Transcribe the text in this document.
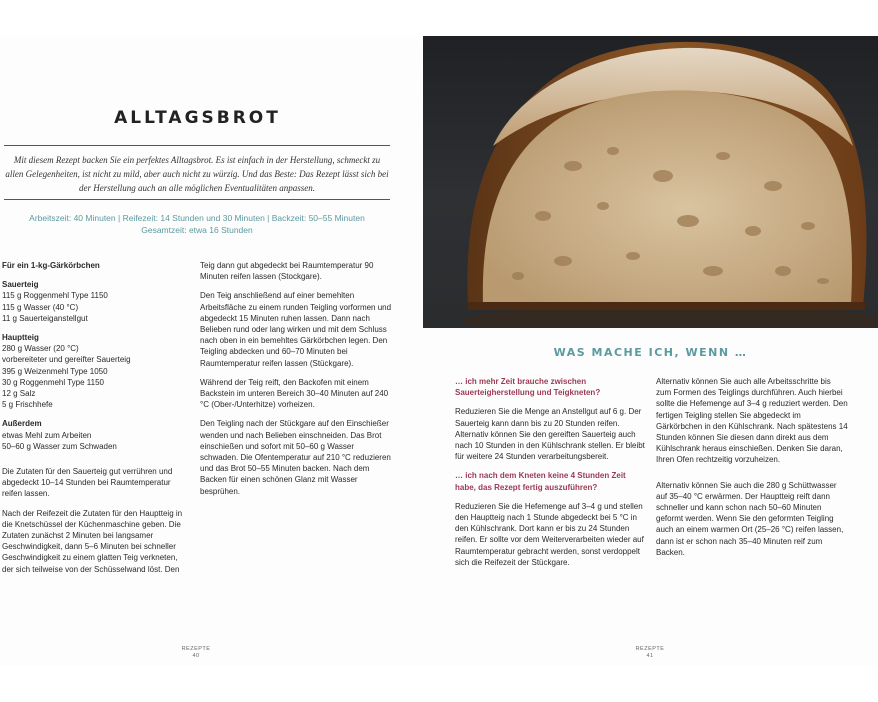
ALLTAGSBROT
Mit diesem Rezept backen Sie ein perfektes Alltagsbrot. Es ist einfach in der Herstellung, schmeckt zu allen Gelegenheiten, ist nicht zu mild, aber auch nicht zu würzig. Und das Beste: Das Rezept lässt sich bei der Herstellung auch an alle möglichen Eventualitäten anpassen.
Arbeitszeit: 40 Minuten | Reifezeit: 14 Stunden und 30 Minuten | Backzeit: 50–55 Minuten
Gesamtzeit: etwa 16 Stunden

Für ein 1-kg-Gärkörbchen

Sauerteig

115 g Roggenmehl Type 1150

115 g Wasser (40 °C)

11 g Sauerteiganstellgut

Hauptteig

280 g Wasser (20 °C)

vorbereiteter und gereifter Sauerteig

395 g Weizenmehl Type 1050

30 g Roggenmehl Type 1150

12 g Salz

5 g Frischhefe

Außerdem

etwas Mehl zum Arbeiten

50–60 g Wasser zum Schwaden

Die Zutaten für den Sauerteig gut verrühren und abgedeckt 10–14 Stunden bei Raumtemperatur reifen lassen.

Nach der Reifezeit die Zutaten für den Hauptteig in die Knetschüssel der Küchenmaschine geben. Die Zutaten zunächst 2 Minuten bei langsamer Geschwindigkeit, dann 5–6 Minuten bei schneller Geschwindigkeit zu einem glatten Teig verkneten, der sich teilweise von der Schüsselwand löst. Den

Teig dann gut abgedeckt bei Raumtemperatur 90 Minuten reifen lassen (Stockgare).

Den Teig anschließend auf einer bemehlten Arbeitsfläche zu einem runden Teigling vorformen und abgedeckt 15 Minuten ruhen lassen. Dann nach Belieben rund oder lang wirken und mit dem Schluss nach oben in ein bemehltes Gärkörbchen legen. Den Teigling abdecken und 60–70 Minuten bei Raumtemperatur reifen lassen (Stückgare).

Während der Teig reift, den Backofen mit einem Backstein im unteren Bereich 30–40 Minuten auf 240 °C (Ober-/Unterhitze) vorheizen.

Den Teigling nach der Stückgare auf den Einschießer wenden und nach Belieben einschneiden. Das Brot einschießen und sofort mit 50–60 g Wasser schwaden. Die Ofentemperatur auf 210 °C reduzieren und das Brot 50–55 Minuten backen. Nach dem Backen für einen schönen Glanz mit Wasser besprühen.

REZEPTE
40
WAS MACHE ICH, WENN …

… ich mehr Zeit brauche zwischen Sauerteigherstellung und Teigkneten?

Reduzieren Sie die Menge an Anstellgut auf 6 g. Der Sauerteig kann dann bis zu 20 Stunden reifen. Alternativ können Sie den gereiften Sauerteig auch nach 10 Stunden in den Kühlschrank stellen. Er bleibt für weitere 24 Stunden verarbeitungsbereit.

… ich nach dem Kneten keine 4 Stunden Zeit habe, das Rezept fertig auszuführen?

Reduzieren Sie die Hefemenge auf 3–4 g und stellen den Hauptteig nach 1 Stunde abgedeckt bei 5 °C in den Kühlschrank. Dort kann er bis zu 24 Stunden reifen. Er sollte vor dem Weiterverarbeiten wieder auf Raumtemperatur gebracht werden, sonst verdoppelt sich die Reifezeit der Stückgare.

Alternativ können Sie auch alle Arbeitsschritte bis zum Formen des Teiglings durchführen. Auch hierbei sollte die Hefemenge auf 3–4 g reduziert werden. Den fertigen Teigling stellen Sie abgedeckt im Gärkörbchen in den Kühlschrank. Nach spätestens 14 Stunden können Sie diesen dann direkt aus dem Kühlschrank heraus einschießen. Denken Sie daran, Ihren Ofen rechtzeitig vorzuheizen.

Alternativ können Sie auch die 280 g Schüttwasser auf 35–40 °C erwärmen. Der Hauptteig reift dann schneller und kann schon nach 50–60 Minuten geformt werden. Wenn Sie den geformten Teigling auch an einem warmen Ort (25–26 °C) reifen lassen, dann ist er schon nach 35–40 Minuten reif zum Backen.

REZEPTE
41
